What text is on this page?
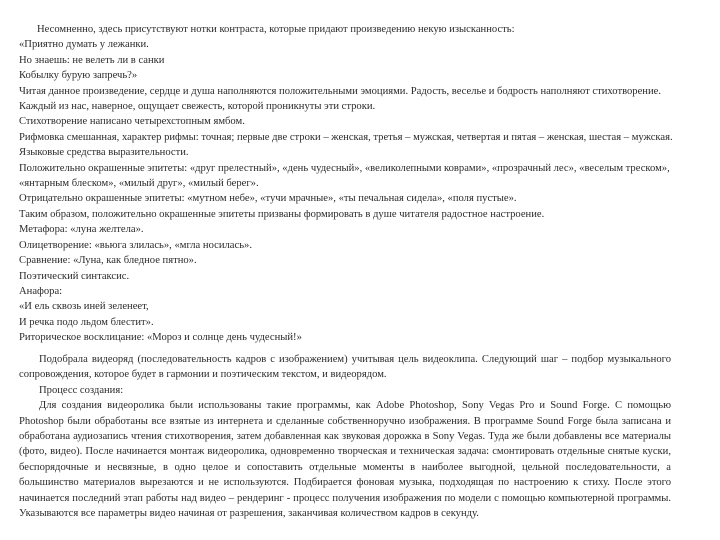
Несомненно, здесь присутствуют нотки контраста, которые придают произведению некую изысканность:

«Приятно думать у лежанки.

Но знаешь: не велеть ли в санки

Кобылку бурую запречь?»

Читая данное произведение, сердце и душа наполняются положительными эмоциями. Радость, веселье и бодрость наполняют стихотворение. Каждый из нас, наверное, ощущает свежесть, которой проникнуты эти строки.

Стихотворение написано четырехстопным ямбом.

Рифмовка смешанная, характер рифмы: точная; первые две строки – женская, третья – мужская, четвертая и пятая – женская, шестая – мужская.

Языковые средства выразительности.

Положительно окрашенные эпитеты: «друг прелестный», «день чудесный», «великолепными коврами», «прозрачный лес», «веселым треском», «янтарным блеском», «милый друг», «милый берег».

Отрицательно окрашенные эпитеты: «мутном небе», «тучи мрачные», «ты печальная сидела», «поля пустые».

Таким образом, положительно окрашенные эпитеты призваны формировать в душе читателя радостное настроение.

Метафора: «луна желтела».

Олицетворение: «вьюга злилась», «мгла носилась».

Сравнение: «Луна, как бледное пятно».

Поэтический синтаксис.

Анафора:

«И ель сквозь иней зеленеет,

И речка подо льдом блестит».

Риторическое восклицание: «Мороз и солнце день чудесный!»

Подобрала видеоряд (последовательность кадров с изображением) учитывая цель видеоклипа. Следующий шаг – подбор музыкального сопровождения, которое будет в гармонии и поэтическим текстом, и видеорядом.

Процесс создания:

Для создания видеоролика были использованы такие программы, как Adobe Photoshop, Sony Vegas Pro и Sound Forge. С помощью Photoshop были обработаны все взятые из интернета и сделанные собственноручно изображения. В программе Sound Forge была записана и обработана аудиозапись чтения стихотворения, затем добавленная как звуковая дорожка в Sony Vegas. Туда же были добавлены все материалы (фото, видео). После начинается монтаж видеоролика, одновременно творческая и техническая задача: смонтировать отдельные снятые куски, беспорядочные и несвязные, в одно целое и сопоставить отдельные моменты в наиболее выгодной, цельной последовательности, а большинство материалов вырезаются и не используются. Подбирается фоновая музыка, подходящая по настроению к стиху. После этого начинается последний этап работы над видео – рендеринг - процесс получения изображения по модели с помощью компьютерной программы. Указываются все параметры видео начиная от разрешения, заканчивая количеством кадров в секунду.
